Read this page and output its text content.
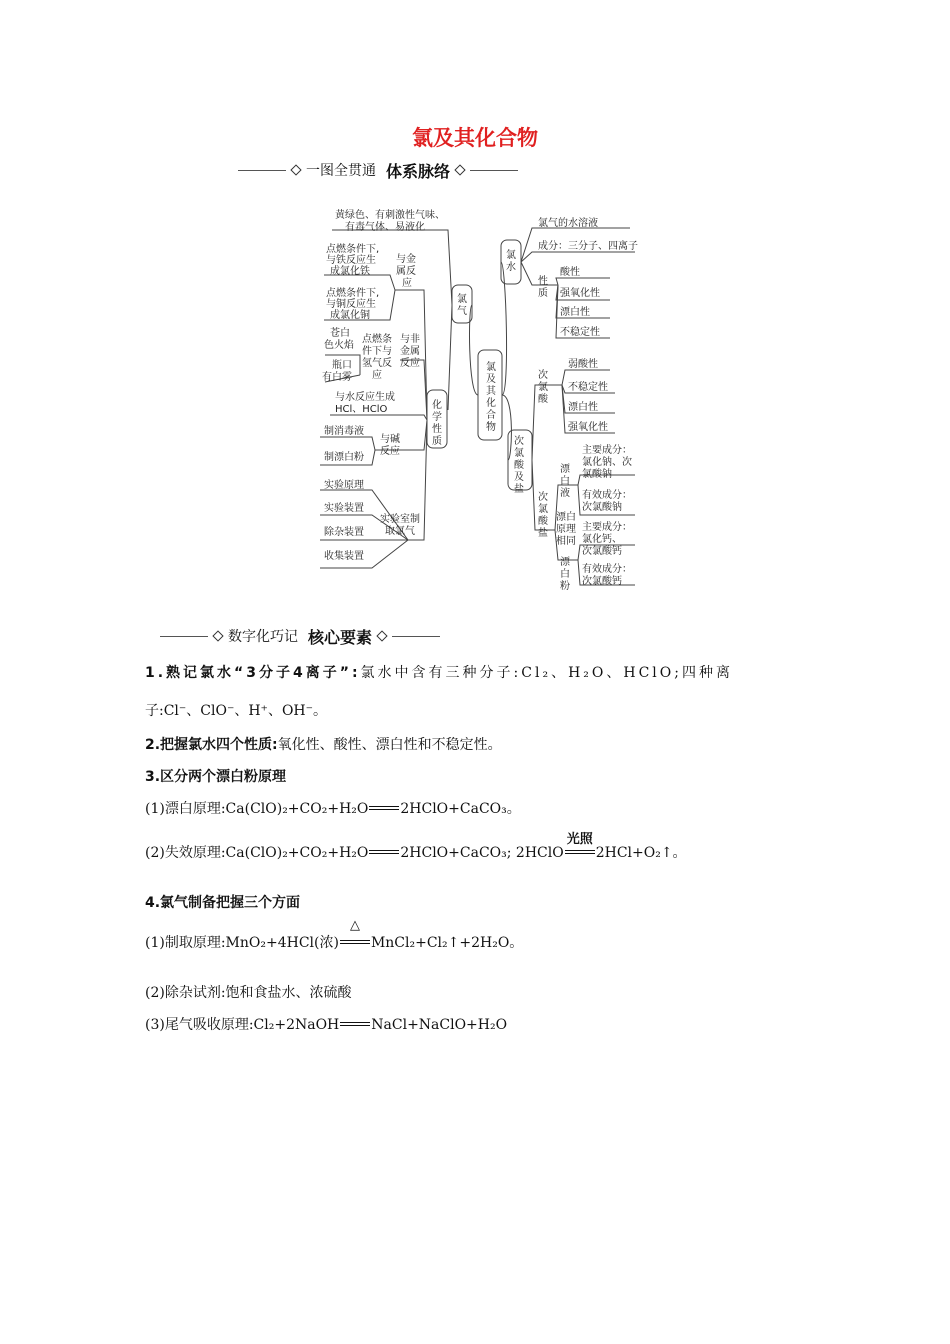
氯及其化合物
一图全贯通 体系脉络
氯及其化合物
氯气
黄绿色、有刺激性气味、
有毒气体、易液化
点燃条件下,
与铁反应生
成氯化铁
与金
属反
应
点燃条件下,
与铜反应生
成氯化铜
苍白
色火焰
点燃条
件下与
氢气反
应
与非
金属
反应
瓶口
有白雾
与水反应生成
HCl、HClO	化学性质
制消毒液
制漂白粉
与碱
反应
实验原理
实验装置
除杂装置
收集装置
实验室制
取氯气
氯水
氯气的水溶液
成分：三分子、四离子
性
质
酸性
强氧化性
漂白性
不稳定性
次氯酸
弱酸性
不稳定性
漂白性
强氧化性
次氯酸及盐
次氯酸盐
漂白液
漂白原理相同
漂白粉
主要成分：
氯化钠、次
氯酸钠
有效成分：
次氯酸钠
主要成分：
氯化钙、
次氯酸钙
有效成分：
次氯酸钙
数字化巧记 核心要素
1.熟记氯水“3分子4离子”:氯水中含有三种分子:Cl₂、H₂O、HClO;四种离
子:Cl⁻、ClO⁻、H⁺、OH⁻。
2.把握氯水四个性质:氧化性、酸性、漂白性和不稳定性。
3.区分两个漂白粉原理
(1)漂白原理:Ca(ClO)₂+CO₂+H₂O 2HClO+CaCO₃。
(2)失效原理:Ca(ClO)₂+CO₂+H₂O 2HClO+CaCO₃; 2HClO
光照
2HCl+O₂↑。
4.氯气制备把握三个方面
(1)制取原理:MnO₂+4HCl(浓)
△
MnCl₂+Cl₂↑+2H₂O。
(2)除杂试剂:饱和食盐水、浓硫酸
(3)尾气吸收原理:Cl₂+2NaOH NaCl+NaClO+H₂O
